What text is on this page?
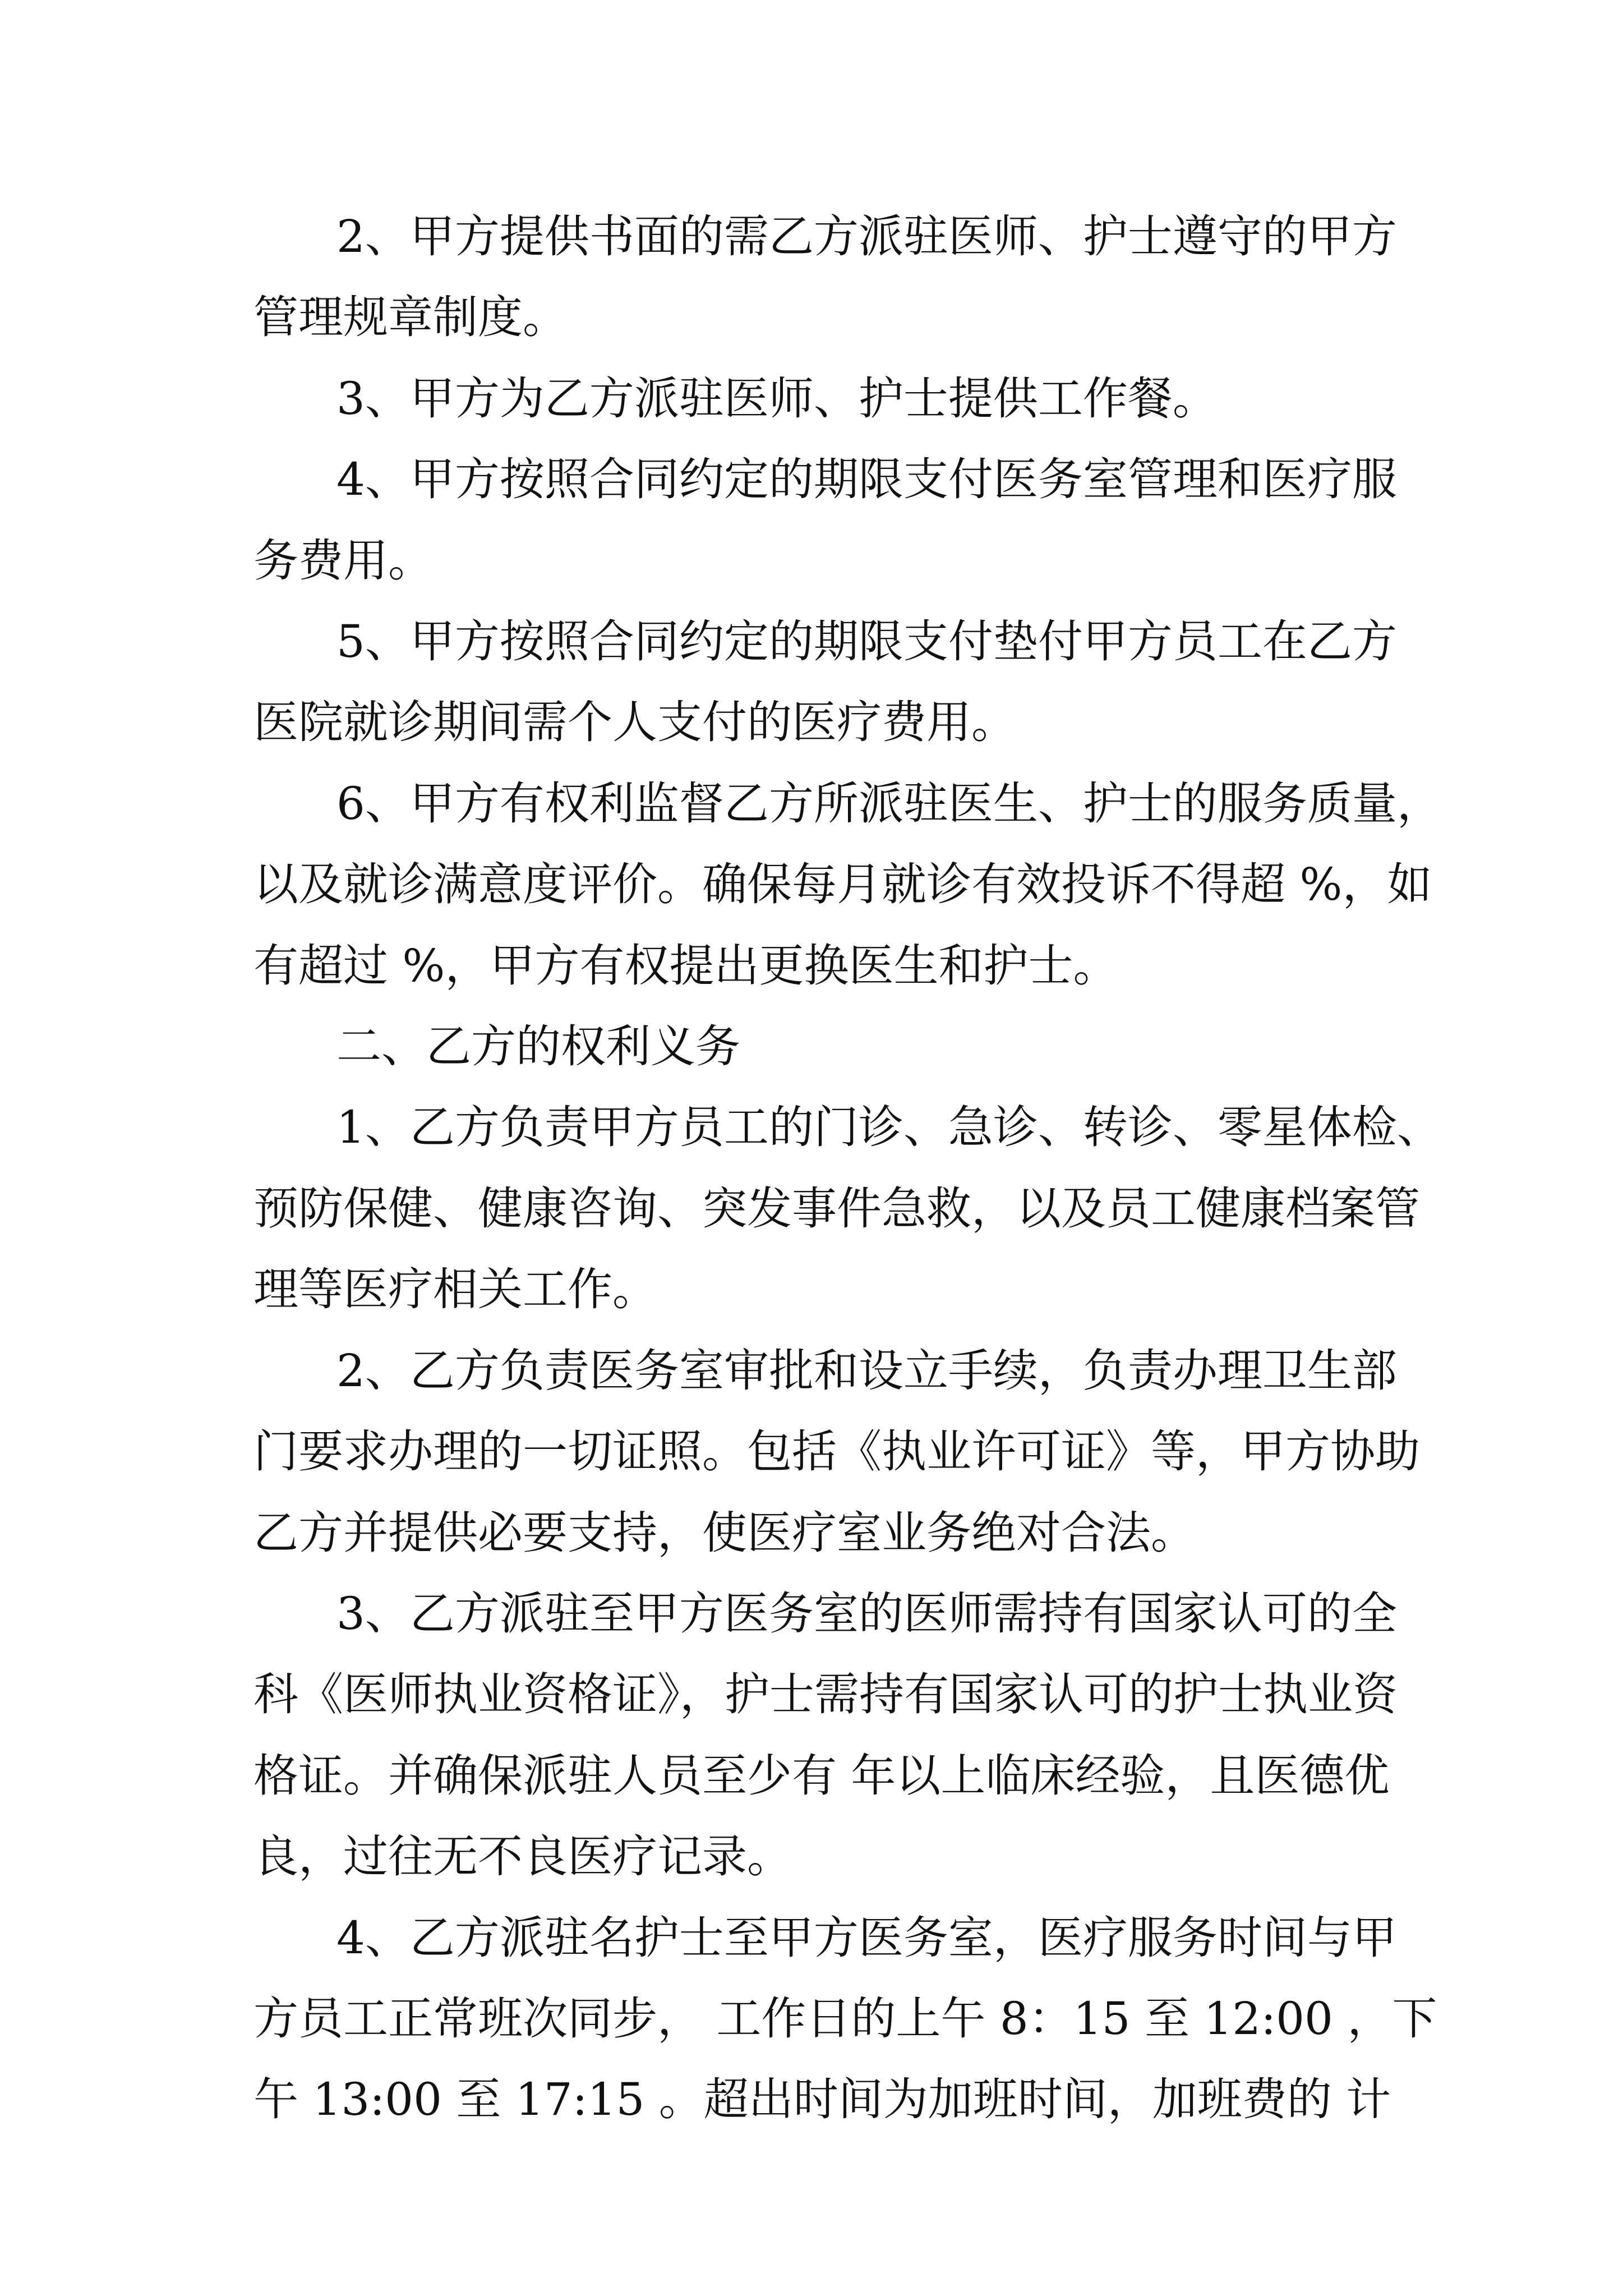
2、甲方提供书面的需乙方派驻医师、护士遵守的甲方
管理规章制度。

3、甲方为乙方派驻医师、护士提供工作餐。

4、甲方按照合同约定的期限支付医务室管理和医疗服
务费用。

5、甲方按照合同约定的期限支付垫付甲方员工在乙方
医院就诊期间需个人支付的医疗费用。

6、甲方有权利监督乙方所派驻医生、护士的服务质量，
以及就诊满意度评价。确保每月就诊有效投诉不得超 %，如
有超过 %，甲方有权提出更换医生和护士。

二、乙方的权利义务

1、乙方负责甲方员工的门诊、急诊、转诊、零星体检、
预防保健、健康咨询、突发事件急救，以及员工健康档案管
理等医疗相关工作。

2、乙方负责医务室审批和设立手续，负责办理卫生部
门要求办理的一切证照。包括《执业许可证》等，甲方协助
乙方并提供必要支持，使医疗室业务绝对合法。

3、乙方派驻至甲方医务室的医师需持有国家认可的全
科《医师执业资格证》，护士需持有国家认可的护士执业资
格证。并确保派驻人员至少有 年以上临床经验，且医德优
良，过往无不良医疗记录。

4、乙方派驻名护士至甲方医务室，医疗服务时间与甲
方员工正常班次同步， 工作日的上午 8：15 至 12:00 ，下
午 13:00 至 17:15 。超出时间为加班时间，加班费的 计
